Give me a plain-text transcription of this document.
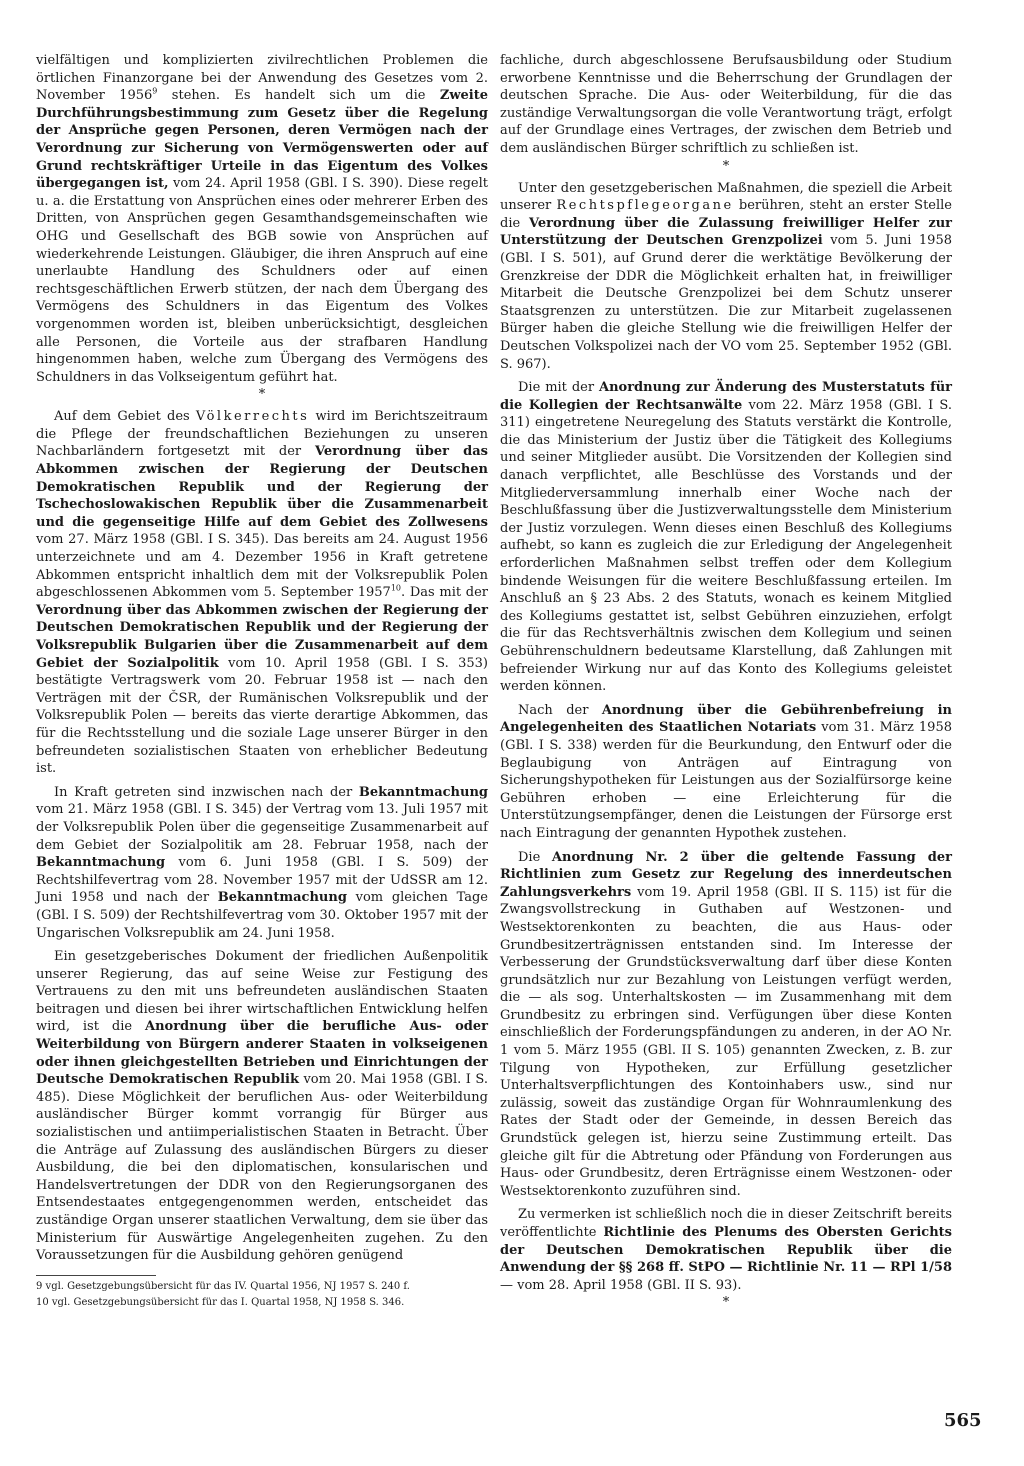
vielfältigen und komplizierten zivilrechtlichen Problemen die örtlichen Finanzorgane bei der Anwendung des Gesetzes vom 2. November 1956$^9$ stehen. Es handelt sich um die Zweite Durchführungsbestimmung zum Gesetz über die Regelung der Ansprüche gegen Personen, deren Vermögen nach der Verordnung zur Sicherung von Vermögenswerten oder auf Grund rechtskräftiger Urteile in das Eigentum des Volkes übergegangen ist, vom 24. April 1958 (GBl. I S. 390). Diese regelt u. a. die Erstattung von Ansprüchen eines oder mehrerer Erben des Dritten, von Ansprüchen gegen Gesamthandsgemeinschaften wie OHG und Gesellschaft des BGB sowie von Ansprüchen auf wiederkehrende Leistungen. Gläubiger, die ihren Anspruch auf eine unerlaubte Handlung des Schuldners oder auf einen rechtsgeschäftlichen Erwerb stützen, der nach dem Übergang des Vermögens des Schuldners in das Eigentum des Volkes vorgenommen worden ist, bleiben unberücksichtigt, desgleichen alle Personen, die Vorteile aus der strafbaren Handlung hingenommen haben, welche zum Übergang des Vermögens des Schuldners in das Volkseigentum geführt hat.

*

Auf dem Gebiet des Völkerrechts wird im Berichtszeitraum die Pflege der freundschaftlichen Beziehungen zu unseren Nachbarländern fortgesetzt mit der Verordnung über das Abkommen zwischen der Regierung der Deutschen Demokratischen Republik und der Regierung der Tschechoslowakischen Republik über die Zusammenarbeit und die gegenseitige Hilfe auf dem Gebiet des Zollwesens vom 27. März 1958 (GBl. I S. 345). Das bereits am 24. August 1956 unterzeichnete und am 4. Dezember 1956 in Kraft getretene Abkommen entspricht inhaltlich dem mit der Volksrepublik Polen abgeschlossenen Abkommen vom 5. September 1957$^{10}$. Das mit der Verordnung über das Abkommen zwischen der Regierung der Deutschen Demokratischen Republik und der Regierung der Volksrepublik Bulgarien über die Zusammenarbeit auf dem Gebiet der Sozialpolitik vom 10. April 1958 (GBl. I S. 353) bestätigte Vertragswerk vom 20. Februar 1958 ist — nach den Verträgen mit der ČSR, der Rumänischen Volksrepublik und der Volksrepublik Polen — bereits das vierte derartige Abkommen, das für die Rechtsstellung und die soziale Lage unserer Bürger in den befreundeten sozialistischen Staaten von erheblicher Bedeutung ist.

In Kraft getreten sind inzwischen nach der Bekanntmachung vom 21. März 1958 (GBl. I S. 345) der Vertrag vom 13. Juli 1957 mit der Volksrepublik Polen über die gegenseitige Zusammenarbeit auf dem Gebiet der Sozialpolitik am 28. Februar 1958, nach der Bekanntmachung vom 6. Juni 1958 (GBl. I S. 509) der Rechtshilfevertrag vom 28. November 1957 mit der UdSSR am 12. Juni 1958 und nach der Bekanntmachung vom gleichen Tage (GBl. I S. 509) der Rechtshilfevertrag vom 30. Oktober 1957 mit der Ungarischen Volksrepublik am 24. Juni 1958.

Ein gesetzgeberisches Dokument der friedlichen Außenpolitik unserer Regierung, das auf seine Weise zur Festigung des Vertrauens zu den mit uns befreundeten ausländischen Staaten beitragen und diesen bei ihrer wirtschaftlichen Entwicklung helfen wird, ist die Anordnung über die berufliche Aus- oder Weiterbildung von Bürgern anderer Staaten in volkseigenen oder ihnen gleichgestellten Betrieben und Einrichtungen der Deutsche Demokratischen Republik vom 20. Mai 1958 (GBl. I S. 485). Diese Möglichkeit der beruflichen Aus- oder Weiterbildung ausländischer Bürger kommt vorrangig für Bürger aus sozialistischen und antiimperialistischen Staaten in Betracht. Über die Anträge auf Zulassung des ausländischen Bürgers zu dieser Ausbildung, die bei den diplomatischen, konsularischen und Handelsvertretungen der DDR von den Regierungsorganen des Entsendestaates entgegengenommen werden, entscheidet das zuständige Organ unserer staatlichen Verwaltung, dem sie über das Ministerium für Auswärtige Angelegenheiten zugehen. Zu den Voraussetzungen für die Ausbildung gehören genügend

9 vgl. Gesetzgebungsübersicht für das IV. Quartal 1956, NJ 1957 S. 240 f.

10 vgl. Gesetzgebungsübersicht für das I. Quartal 1958, NJ 1958 S. 346.

fachliche, durch abgeschlossene Berufsausbildung oder Studium erworbene Kenntnisse und die Beherrschung der Grundlagen der deutschen Sprache. Die Aus- oder Weiterbildung, für die das zuständige Verwaltungsorgan die volle Verantwortung trägt, erfolgt auf der Grundlage eines Vertrages, der zwischen dem Betrieb und dem ausländischen Bürger schriftlich zu schließen ist.

*

Unter den gesetzgeberischen Maßnahmen, die speziell die Arbeit unserer Rechtspflegeorgane berühren, steht an erster Stelle die Verordnung über die Zulassung freiwilliger Helfer zur Unterstützung der Deutschen Grenzpolizei vom 5. Juni 1958 (GBl. I S. 501), auf Grund derer die werktätige Bevölkerung der Grenzkreise der DDR die Möglichkeit erhalten hat, in freiwilliger Mitarbeit die Deutsche Grenzpolizei bei dem Schutz unserer Staatsgrenzen zu unterstützen. Die zur Mitarbeit zugelassenen Bürger haben die gleiche Stellung wie die freiwilligen Helfer der Deutschen Volkspolizei nach der VO vom 25. September 1952 (GBl. S. 967).

Die mit der Anordnung zur Änderung des Musterstatuts für die Kollegien der Rechtsanwälte vom 22. März 1958 (GBl. I S. 311) eingetretene Neuregelung des Statuts verstärkt die Kontrolle, die das Ministerium der Justiz über die Tätigkeit des Kollegiums und seiner Mitglieder ausübt. Die Vorsitzenden der Kollegien sind danach verpflichtet, alle Beschlüsse des Vorstands und der Mitgliederversammlung innerhalb einer Woche nach der Beschlußfassung über die Justizverwaltungsstelle dem Ministerium der Justiz vorzulegen. Wenn dieses einen Beschluß des Kollegiums aufhebt, so kann es zugleich die zur Erledigung der Angelegenheit erforderlichen Maßnahmen selbst treffen oder dem Kollegium bindende Weisungen für die weitere Beschlußfassung erteilen. Im Anschluß an § 23 Abs. 2 des Statuts, wonach es keinem Mitglied des Kollegiums gestattet ist, selbst Gebühren einzuziehen, erfolgt die für das Rechtsverhältnis zwischen dem Kollegium und seinen Gebührenschuldnern bedeutsame Klarstellung, daß Zahlungen mit befreiender Wirkung nur auf das Konto des Kollegiums geleistet werden können.

Nach der Anordnung über die Gebührenbefreiung in Angelegenheiten des Staatlichen Notariats vom 31. März 1958 (GBl. I S. 338) werden für die Beurkundung, den Entwurf oder die Beglaubigung von Anträgen auf Eintragung von Sicherungshypotheken für Leistungen aus der Sozialfürsorge keine Gebühren erhoben — eine Erleichterung für die Unterstützungsempfänger, denen die Leistungen der Fürsorge erst nach Eintragung der genannten Hypothek zustehen.

Die Anordnung Nr. 2 über die geltende Fassung der Richtlinien zum Gesetz zur Regelung des innerdeutschen Zahlungsverkehrs vom 19. April 1958 (GBl. II S. 115) ist für die Zwangsvollstreckung in Guthaben auf Westzonen- und Westsektorenkonten zu beachten, die aus Haus- oder Grundbesitzerträgnissen entstanden sind. Im Interesse der Verbesserung der Grundstücksverwaltung darf über diese Konten grundsätzlich nur zur Bezahlung von Leistungen verfügt werden, die — als sog. Unterhaltskosten — im Zusammenhang mit dem Grundbesitz zu erbringen sind. Verfügungen über diese Konten einschließlich der Forderungspfändungen zu anderen, in der AO Nr. 1 vom 5. März 1955 (GBl. II S. 105) genannten Zwecken, z. B. zur Tilgung von Hypotheken, zur Erfüllung gesetzlicher Unterhaltsverpflichtungen des Kontoinhabers usw., sind nur zulässig, soweit das zuständige Organ für Wohnraumlenkung des Rates der Stadt oder der Gemeinde, in dessen Bereich das Grundstück gelegen ist, hierzu seine Zustimmung erteilt. Das gleiche gilt für die Abtretung oder Pfändung von Forderungen aus Haus- oder Grundbesitz, deren Erträgnisse einem Westzonen- oder Westsektorenkonto zuzuführen sind.

Zu vermerken ist schließlich noch die in dieser Zeitschrift bereits veröffentlichte Richtlinie des Plenums des Obersten Gerichts der Deutschen Demokratischen Republik über die Anwendung der §§ 268 ff. StPO — Richtlinie Nr. 11 — RPl 1/58 — vom 28. April 1958 (GBl. II S. 93).

*
565
